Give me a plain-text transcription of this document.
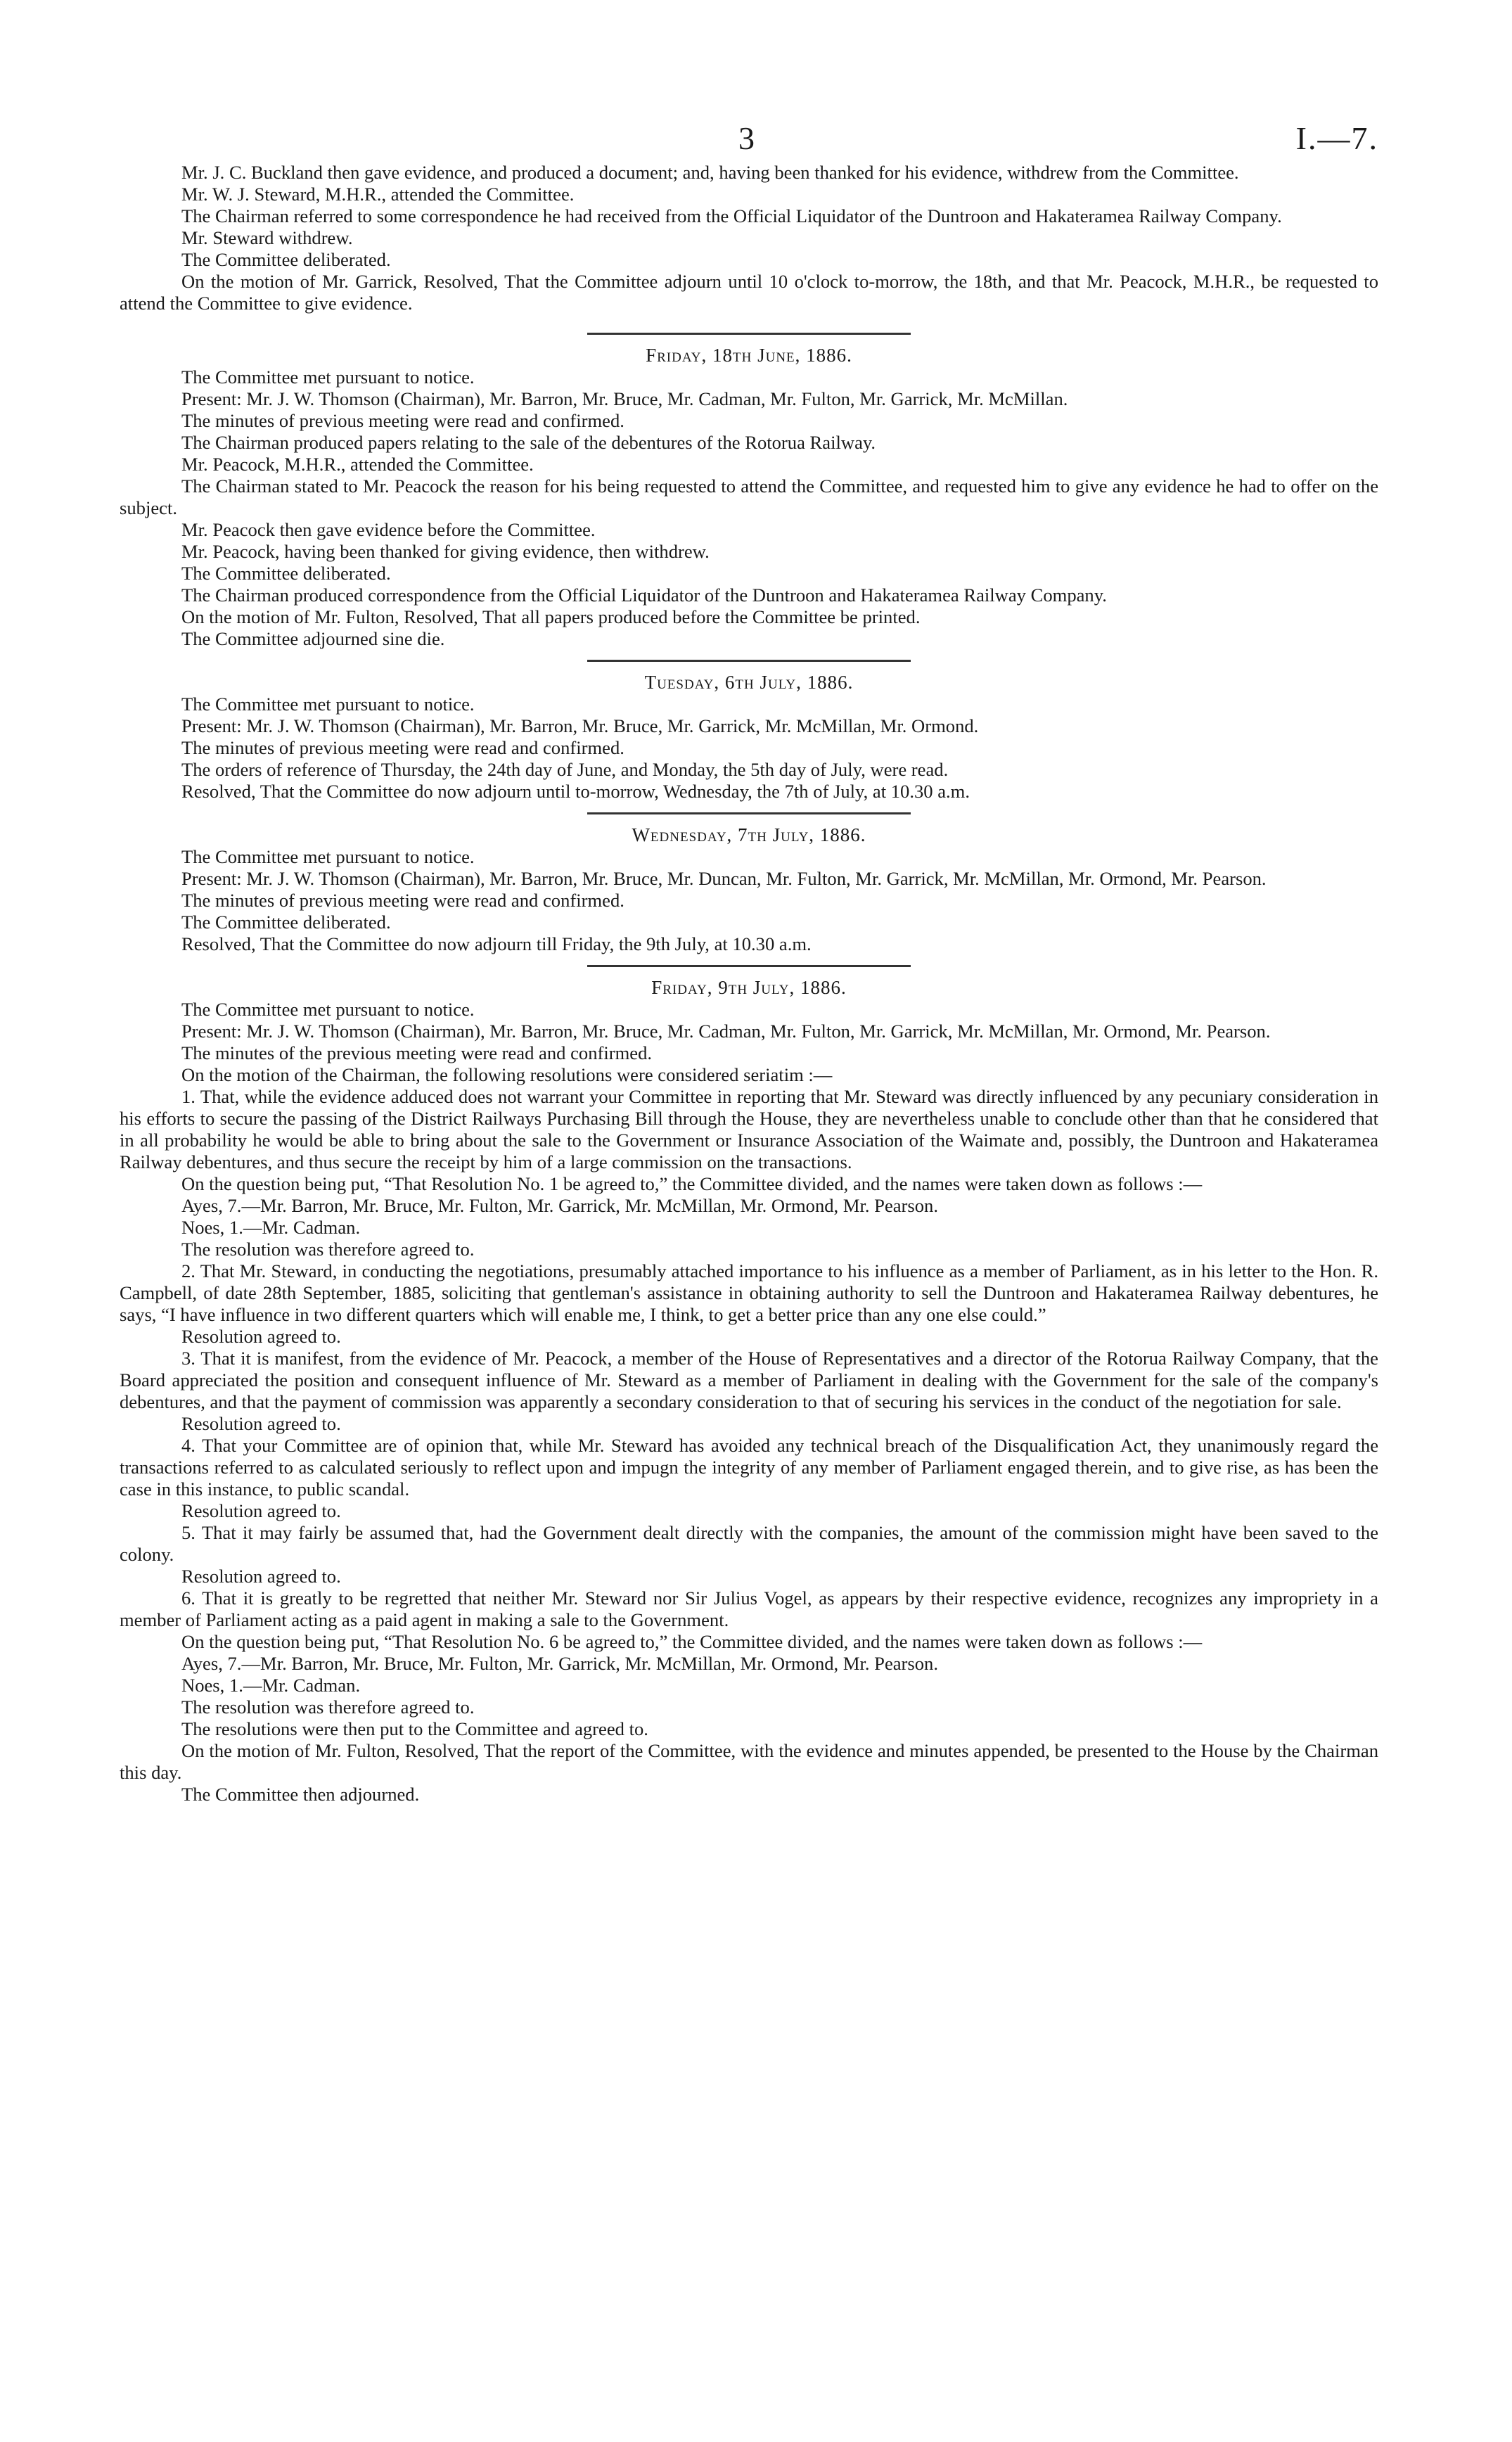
3	I.—7.

Mr. J. C. Buckland then gave evidence, and produced a document; and, having been thanked for his evidence, withdrew from the Committee.

Mr. W. J. Steward, M.H.R., attended the Committee.

The Chairman referred to some correspondence he had received from the Official Liquidator of the Duntroon and Hakateramea Railway Company.

Mr. Steward withdrew.

The Committee deliberated.

On the motion of Mr. Garrick, Resolved, That the Committee adjourn until 10 o'clock to-morrow, the 18th, and that Mr. Peacock, M.H.R., be requested to attend the Committee to give evidence.

Friday, 18th June, 1886.

The Committee met pursuant to notice.

Present: Mr. J. W. Thomson (Chairman), Mr. Barron, Mr. Bruce, Mr. Cadman, Mr. Fulton, Mr. Garrick, Mr. McMillan.

The minutes of previous meeting were read and confirmed.

The Chairman produced papers relating to the sale of the debentures of the Rotorua Railway.

Mr. Peacock, M.H.R., attended the Committee.

The Chairman stated to Mr. Peacock the reason for his being requested to attend the Committee, and requested him to give any evidence he had to offer on the subject.

Mr. Peacock then gave evidence before the Committee.

Mr. Peacock, having been thanked for giving evidence, then withdrew.

The Committee deliberated.

The Chairman produced correspondence from the Official Liquidator of the Duntroon and Hakateramea Railway Company.

On the motion of Mr. Fulton, Resolved, That all papers produced before the Committee be printed.

The Committee adjourned sine die.

Tuesday, 6th July, 1886.

The Committee met pursuant to notice.

Present: Mr. J. W. Thomson (Chairman), Mr. Barron, Mr. Bruce, Mr. Garrick, Mr. McMillan, Mr. Ormond.

The minutes of previous meeting were read and confirmed.

The orders of reference of Thursday, the 24th day of June, and Monday, the 5th day of July, were read.

Resolved, That the Committee do now adjourn until to-morrow, Wednesday, the 7th of July, at 10.30 a.m.

Wednesday, 7th July, 1886.

The Committee met pursuant to notice.

Present: Mr. J. W. Thomson (Chairman), Mr. Barron, Mr. Bruce, Mr. Duncan, Mr. Fulton, Mr. Garrick, Mr. McMillan, Mr. Ormond, Mr. Pearson.

The minutes of previous meeting were read and confirmed.

The Committee deliberated.

Resolved, That the Committee do now adjourn till Friday, the 9th July, at 10.30 a.m.

Friday, 9th July, 1886.

The Committee met pursuant to notice.

Present: Mr. J. W. Thomson (Chairman), Mr. Barron, Mr. Bruce, Mr. Cadman, Mr. Fulton, Mr. Garrick, Mr. McMillan, Mr. Ormond, Mr. Pearson.

The minutes of the previous meeting were read and confirmed.

On the motion of the Chairman, the following resolutions were considered seriatim :—

1. That, while the evidence adduced does not warrant your Committee in reporting that Mr. Steward was directly influenced by any pecuniary consideration in his efforts to secure the passing of the District Railways Purchasing Bill through the House, they are nevertheless unable to conclude other than that he considered that in all probability he would be able to bring about the sale to the Government or Insurance Association of the Waimate and, possibly, the Duntroon and Hakateramea Railway debentures, and thus secure the receipt by him of a large commission on the transactions.

On the question being put, “That Resolution No. 1 be agreed to,” the Committee divided, and the names were taken down as follows :—

Ayes, 7.—Mr. Barron, Mr. Bruce, Mr. Fulton, Mr. Garrick, Mr. McMillan, Mr. Ormond, Mr. Pearson.

Noes, 1.—Mr. Cadman.

The resolution was therefore agreed to.

2. That Mr. Steward, in conducting the negotiations, presumably attached importance to his influence as a member of Parliament, as in his letter to the Hon. R. Campbell, of date 28th September, 1885, soliciting that gentleman's assistance in obtaining authority to sell the Duntroon and Hakateramea Railway debentures, he says, “I have influence in two different quarters which will enable me, I think, to get a better price than any one else could.”

Resolution agreed to.

3. That it is manifest, from the evidence of Mr. Peacock, a member of the House of Representatives and a director of the Rotorua Railway Company, that the Board appreciated the position and consequent influence of Mr. Steward as a member of Parliament in dealing with the Government for the sale of the company's debentures, and that the payment of commission was apparently a secondary consideration to that of securing his services in the conduct of the negotiation for sale.

Resolution agreed to.

4. That your Committee are of opinion that, while Mr. Steward has avoided any technical breach of the Disqualification Act, they unanimously regard the transactions referred to as calculated seriously to reflect upon and impugn the integrity of any member of Parliament engaged therein, and to give rise, as has been the case in this instance, to public scandal.

Resolution agreed to.

5. That it may fairly be assumed that, had the Government dealt directly with the companies, the amount of the commission might have been saved to the colony.

Resolution agreed to.

6. That it is greatly to be regretted that neither Mr. Steward nor Sir Julius Vogel, as appears by their respective evidence, recognizes any impropriety in a member of Parliament acting as a paid agent in making a sale to the Government.

On the question being put, “That Resolution No. 6 be agreed to,” the Committee divided, and the names were taken down as follows :—

Ayes, 7.—Mr. Barron, Mr. Bruce, Mr. Fulton, Mr. Garrick, Mr. McMillan, Mr. Ormond, Mr. Pearson.

Noes, 1.—Mr. Cadman.

The resolution was therefore agreed to.

The resolutions were then put to the Committee and agreed to.

On the motion of Mr. Fulton, Resolved, That the report of the Committee, with the evidence and minutes appended, be presented to the House by the Chairman this day.

The Committee then adjourned.
